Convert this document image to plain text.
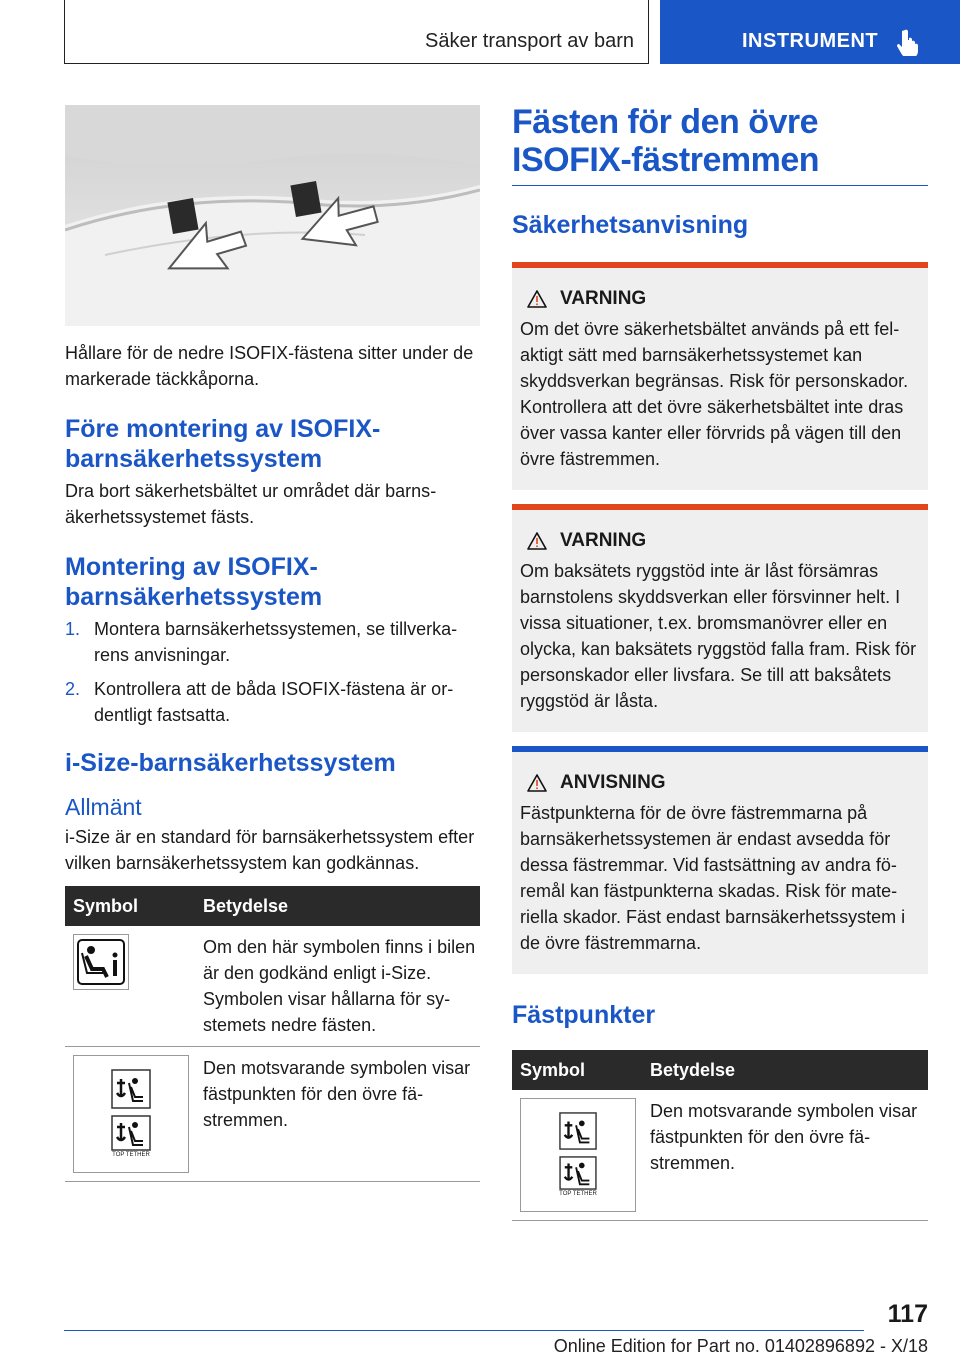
Säker transport av barn	INSTRUMENT
Hållare för de nedre ISOFIX-fästena sitter under de markerade täckkåporna.
Före montering av ISOFIX-barnsäkerhetssystem

Dra bort säkerhetsbältet ur området där barnsäkerhetssystemet fästs.

Montering av ISOFIX-barnsäkerhetssystem
1. Montera barnsäkerhetssystemen, se tillverkarens anvisningar.
2. Kontrollera att de båda ISOFIX-fästena är ordentligt fastsatta.
i-Size-barnsäkerhetssystem
Allmänt

i-Size är en standard för barnsäkerhetssystem efter vilken barnsäkerhetssystem kan godkännas.

Symbol	Betydelse

	Om den här symbolen finns i bilen är den godkänd enligt i-Size. Symbolen visar hållarna för systemets nedre fästen.

TOP TETHER	Den motsvarande symbolen visar fästpunkten för den övre fästremmen.
Fästen för den övre ISOFIX-fästremmen
Säkerhetsanvisning
VARNING
Om det övre säkerhetsbältet används på ett felaktigt sätt med barnsäkerhetssystemet kan skyddsverkan begränsas. Risk för personskador. Kontrollera att det övre säkerhetsbältet inte dras över vassa kanter eller förvrids på vägen till den övre fästremmen.
VARNING
Om baksätets ryggstöd inte är låst försämras barnstolens skyddsverkan eller försvinner helt. I vissa situationer, t.ex. bromsmanövrer eller en olycka, kan baksätets ryggstöd falla fram. Risk för personskador eller livsfara. Se till att baksåtets ryggstöd är låsta.
ANVISNING
Fästpunkterna för de övre fästremmarna på barnsäkerhetssystemen är endast avsedda för dessa fästremmar. Vid fastsättning av andra föremål kan fästpunkterna skadas. Risk för materiella skador. Fäst endast barnsäkerhetssystem i de övre fästremmarna.
Fästpunkter
Symbol	Betydelse

TOP TETHER	Den motsvarande symbolen visar fästpunkten för den övre fästremmen.
117
Online Edition for Part no. 01402896892 - X/18
